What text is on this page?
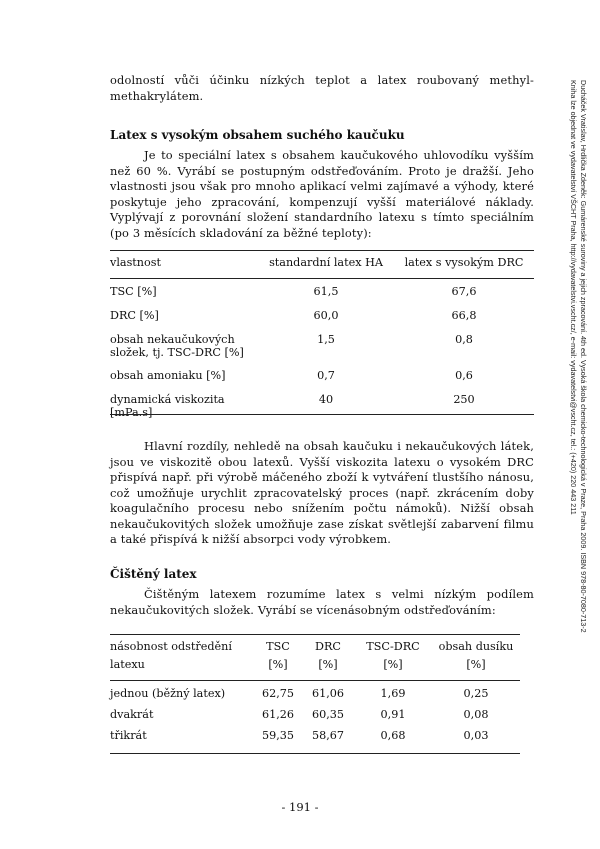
odolností vůči účinku nízkých teplot a latex roubovaný methyl-methakrylátem.

Latex s vysokým obsahem suchého kaučuku

Je to speciální latex s obsahem kaučukového uhlovodíku vyšším než 60 %. Vyrábí se postupným odstřeďováním. Proto je dražší. Jeho vlastnosti jsou však pro mnoho aplikací velmi zajímavé a výhody, které poskytuje jeho zpracování, kompenzují vyšší materiálové náklady. Vyplývají z porovnání složení standardního latexu s tímto speciálním (po 3 měsících skladování za běžné teploty):

vlastnost	standardní latex HA	latex s vysokým DRC

TSC [%]	61,5	67,6
DRC [%]	60,0	66,8
obsah nekaučukových složek, tj. TSC-DRC [%]	1,5	0,8
obsah amoniaku [%]	0,7	0,6
dynamická viskozita [mPa.s]	40	250

Hlavní rozdíly, nehledě na obsah kaučuku i nekaučukových látek, jsou ve viskozitě obou latexů. Vyšší viskozita latexu o vysokém DRC přispívá např. při výrobě máčeného zboží k vytváření tlustšího nánosu, což umožňuje urychlit zpracovatelský proces (např. zkrácením doby koagulačního procesu nebo snížením počtu námoků). Nižší obsah nekaučukovitých složek umožňuje zase získat světlejší zabarvení filmu a také přispívá k nižší absorpci vody výrobkem.

Čištěný latex

Čištěným latexem rozumíme latex s velmi nízkým podílem nekaučukovitých složek. Vyrábí se vícenásobným odstřeďováním:

násobnost odstředění	TSC	DRC	TSC-DRC	obsah dusíku
latexu	[%]	[%]	[%]	[%]

jednou (běžný latex)	62,75	61,06	1,69	0,25
dvakrát	61,26	60,35	0,91	0,08
třikrát	59,35	58,67	0,68	0,03
Ducháček Vratislav, Hrdlička Zdeněk: Gumárenské suroviny a jejich zpracování. 4th ed. Vysoká škola chemicko-technologická v Praze, Praha 2009. ISBN 978-80-7080-713-2
Kniha lze objednat ve vydavatelství VŠCHT Praha, http://vydavatelstvi.vscht.cz/, e-mail: vydavatelstvi@vscht.cz, tel.: (+420) 220 443 211
- 191 -
